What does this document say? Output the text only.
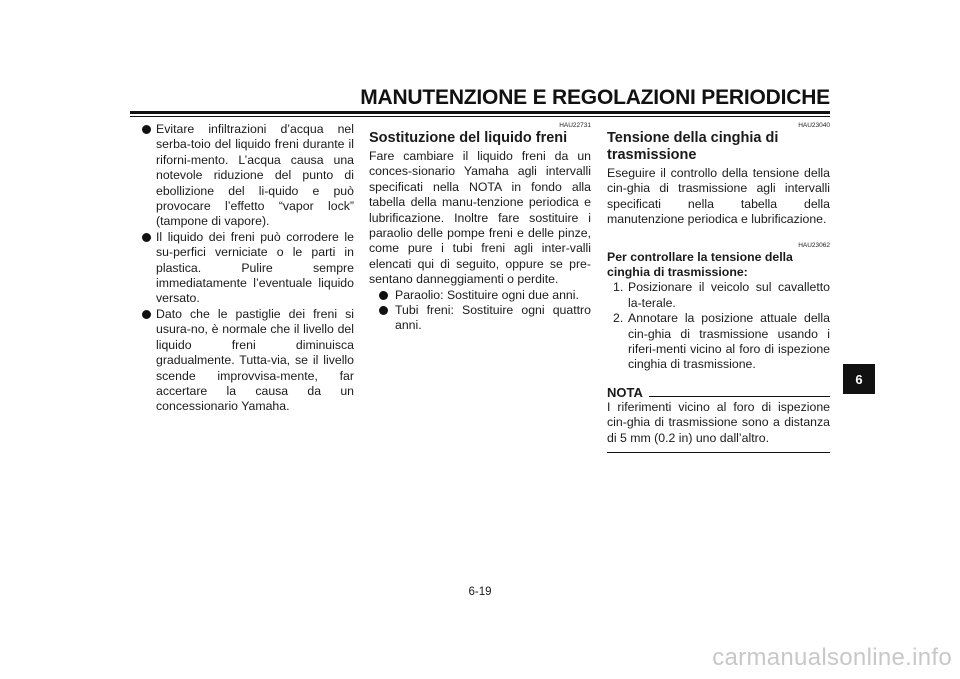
MANUTENZIONE E REGOLAZIONI PERIODICHE
Evitare infiltrazioni d’acqua nel serba-toio del liquido freni durante il riforni-mento. L’acqua causa una notevole riduzione del punto di ebollizione del li-quido e può provocare l’effetto “vapor lock” (tampone di vapore).
Il liquido dei freni può corrodere le su-perfici verniciate o le parti in plastica. Pulire sempre immediatamente l’eventuale liquido versato.
Dato che le pastiglie dei freni si usura-no, è normale che il livello del liquido freni diminuisca gradualmente. Tutta-via, se il livello scende improvvisa-mente, far accertare la causa da un concessionario Yamaha.

HAU22731

Sostituzione del liquido freni

Fare cambiare il liquido freni da un conces-sionario Yamaha agli intervalli specificati nella NOTA in fondo alla tabella della manu-tenzione periodica e lubrificazione. Inoltre fare sostituire i paraolio delle pompe freni e delle pinze, come pure i tubi freni agli inter-valli elencati qui di seguito, oppure se pre-sentano danneggiamenti o perdite.

Paraolio: Sostituire ogni due anni.
Tubi freni: Sostituire ogni quattro anni.

HAU23040

Tensione della cinghia di trasmissione

Eseguire il controllo della tensione della cin-ghia di trasmissione agli intervalli specificati nella tabella della manutenzione periodica e lubrificazione.

HAU23062

Per controllare la tensione della cinghia di trasmissione:

1. Posizionare il veicolo sul cavalletto la-terale.
2. Annotare la posizione attuale della cin-ghia di trasmissione usando i riferi-menti vicino al foro di ispezione cinghia di trasmissione.
NOTA

I riferimenti vicino al foro di ispezione cin-ghia di trasmissione sono a distanza di 5 mm (0.2 in) uno dall’altro.

6-19
6
carmanualsonline.info
